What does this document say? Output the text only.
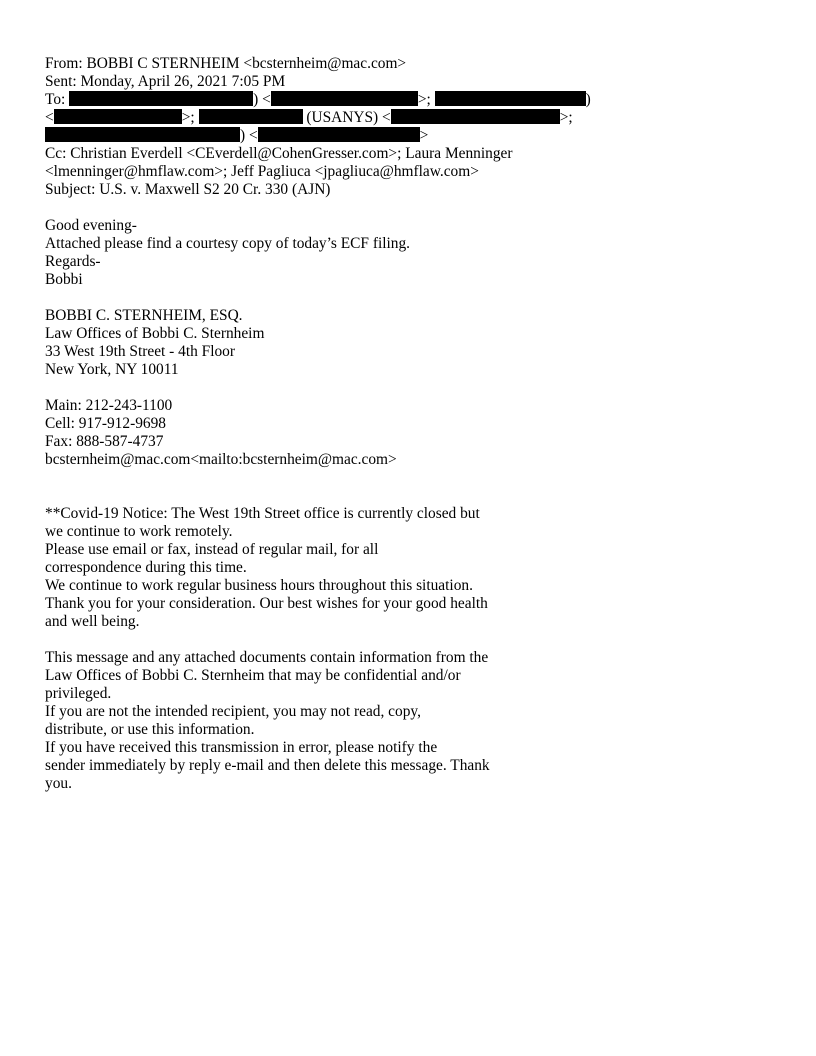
From: BOBBI C STERNHEIM <bcsternheim@mac.com>
Sent: Monday, April 26, 2021 7:05 PM
To:	) <	>;	)
<	>;	(USANYS) <	>;
) <	>
Cc: Christian Everdell <CEverdell@CohenGresser.com>; Laura Menninger
<lmenninger@hmflaw.com>; Jeff Pagliuca <jpagliuca@hmflaw.com>
Subject: U.S. v. Maxwell S2 20 Cr. 330 (AJN)
Good evening-
Attached please find a courtesy copy of today’s ECF filing.
Regards-
Bobbi
BOBBI C. STERNHEIM, ESQ.
Law Offices of Bobbi C. Sternheim
33 West 19th Street - 4th Floor
New York, NY 10011
Main: 212-243-1100
Cell: 917-912-9698
Fax: 888-587-4737
bcsternheim@mac.com<mailto:bcsternheim@mac.com>
**Covid-19 Notice: The West 19th Street office is currently closed but
we continue to work remotely.
Please use email or fax, instead of regular mail, for all
correspondence during this time.
We continue to work regular business hours throughout this situation.
Thank you for your consideration. Our best wishes for your good health
and well being.
This message and any attached documents contain information from the
Law Offices of Bobbi C. Sternheim that may be confidential and/or
privileged.
If you are not the intended recipient, you may not read, copy,
distribute, or use this information.
If you have received this transmission in error, please notify the
sender immediately by reply e-mail and then delete this message. Thank
you.
